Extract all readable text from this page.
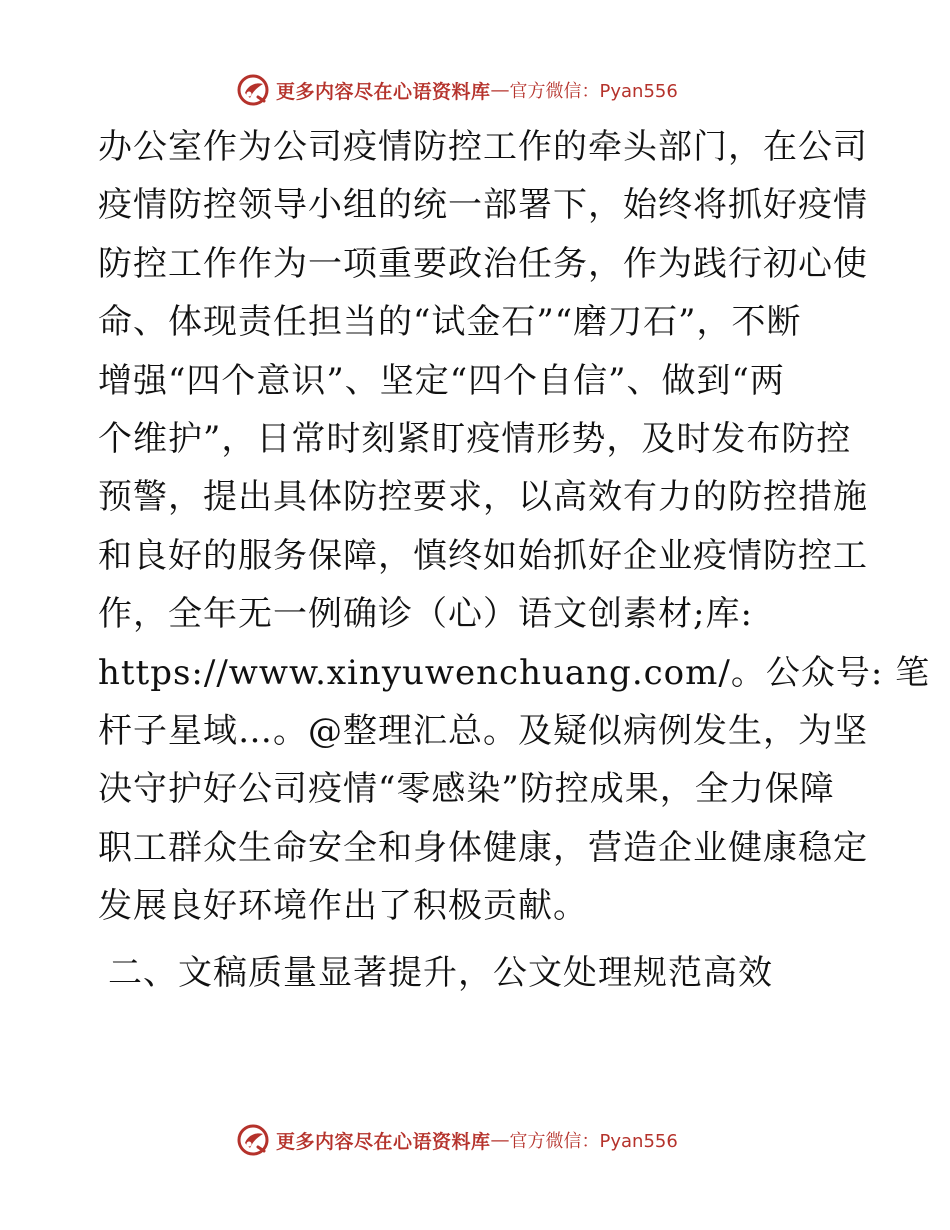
更多内容尽在心语资料库 — 官方微信：Pyan556
办公室作为公司疫情防控工作的牵头部门，在公司
疫情防控领导小组的统一部署下，始终将抓好疫情
防控工作作为一项重要政治任务，作为践行初心使
命、体现责任担当的“试金石”“磨刀石”，不断
增强“四个意识”、坚定“四个自信”、做到“两
个维护”，日常时刻紧盯疫情形势，及时发布防控
预警，提出具体防控要求，以高效有力的防控措施
和良好的服务保障，慎终如始抓好企业疫情防控工
作，全年无一例确诊（心）语文创素材;库:
https://www.xinyuwenchuang.com/。公众号: 笔
杆子星域…。@整理汇总。及疑似病例发生，为坚
决守护好公司疫情“零感染”防控成果，全力保障
职工群众生命安全和身体健康，营造企业健康稳定
发展良好环境作出了积极贡献。
二、文稿质量显著提升，公文处理规范高效
更多内容尽在心语资料库 — 官方微信：Pyan556
